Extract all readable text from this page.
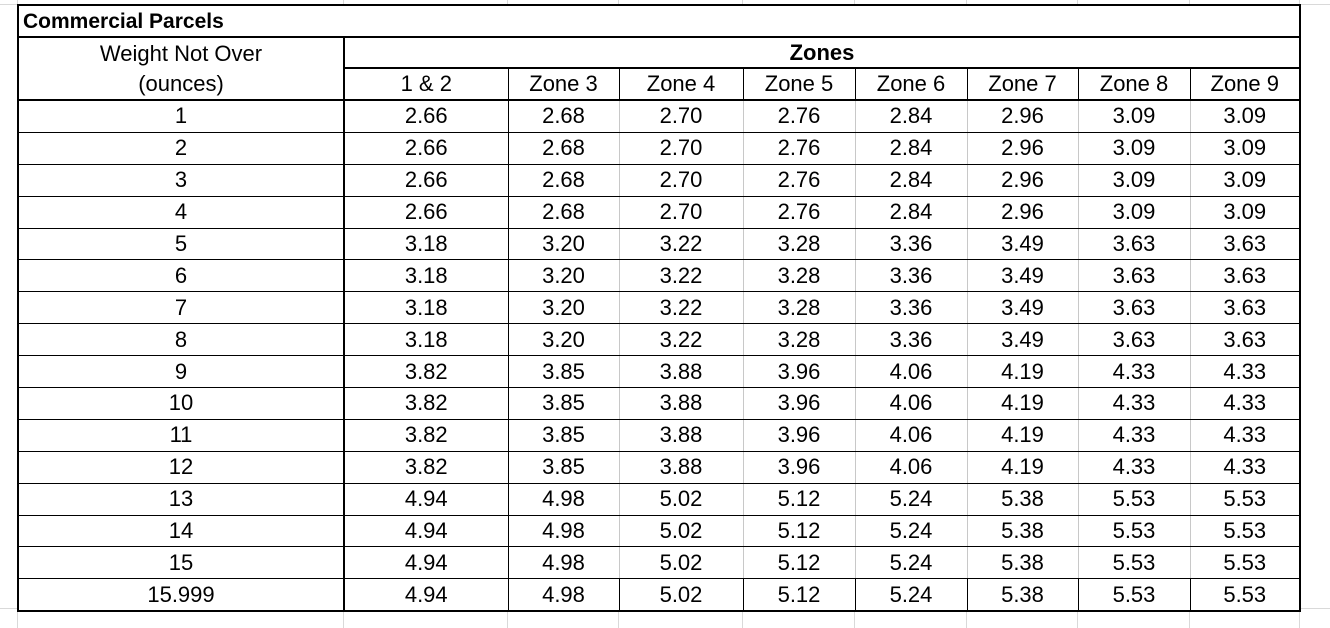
Commercial Parcels								
Weight Not Over (ounces)	Zones							
	1 & 2	Zone 3	Zone 4	Zone 5	Zone 6	Zone 7	Zone 8	Zone 9
1	2.66	2.68	2.70	2.76	2.84	2.96	3.09	3.09
2	2.66	2.68	2.70	2.76	2.84	2.96	3.09	3.09
3	2.66	2.68	2.70	2.76	2.84	2.96	3.09	3.09
4	2.66	2.68	2.70	2.76	2.84	2.96	3.09	3.09
5	3.18	3.20	3.22	3.28	3.36	3.49	3.63	3.63
6	3.18	3.20	3.22	3.28	3.36	3.49	3.63	3.63
7	3.18	3.20	3.22	3.28	3.36	3.49	3.63	3.63
8	3.18	3.20	3.22	3.28	3.36	3.49	3.63	3.63
9	3.82	3.85	3.88	3.96	4.06	4.19	4.33	4.33
10	3.82	3.85	3.88	3.96	4.06	4.19	4.33	4.33
11	3.82	3.85	3.88	3.96	4.06	4.19	4.33	4.33
12	3.82	3.85	3.88	3.96	4.06	4.19	4.33	4.33
13	4.94	4.98	5.02	5.12	5.24	5.38	5.53	5.53
14	4.94	4.98	5.02	5.12	5.24	5.38	5.53	5.53
15	4.94	4.98	5.02	5.12	5.24	5.38	5.53	5.53
15.999	4.94	4.98	5.02	5.12	5.24	5.38	5.53	5.53
